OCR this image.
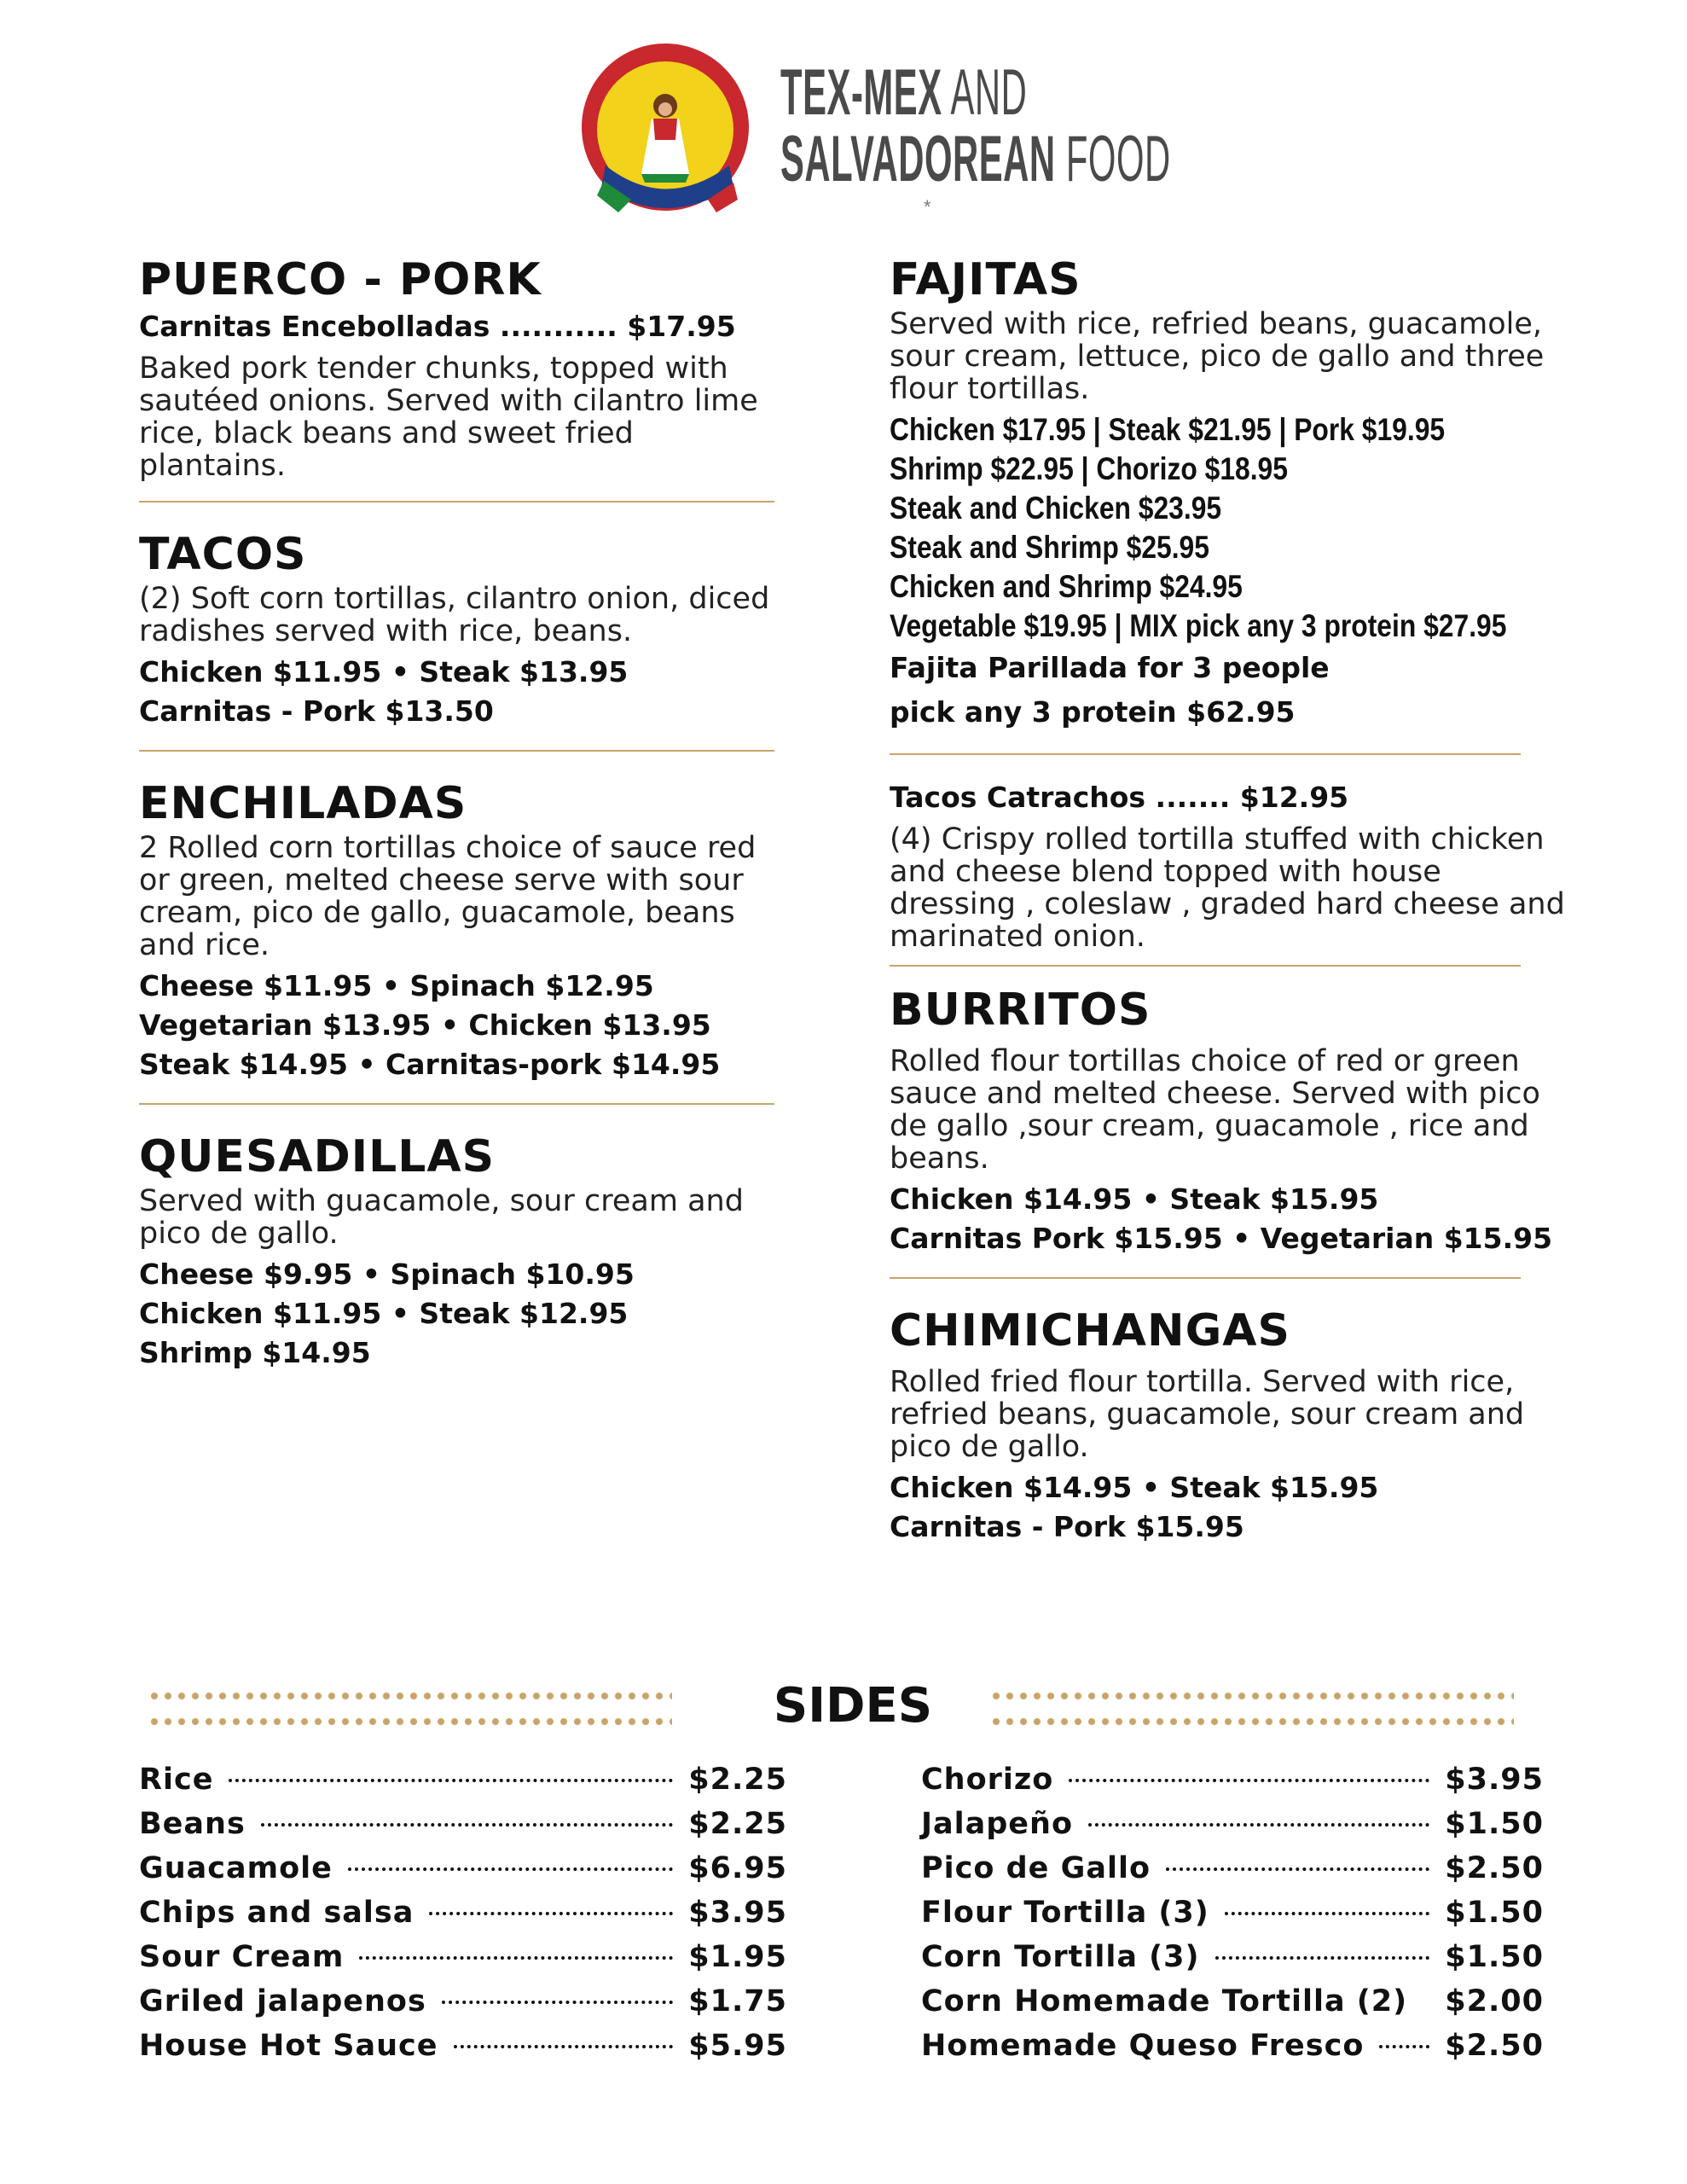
TEX-MEX AND
SALVADOREAN FOOD
*
PUERCO - PORK
Carnitas Encebolladas ........... $17.95
Baked pork tender chunks, topped with sautéed onions. Served with cilantro lime rice, black beans and sweet fried plantains.
TACOS
(2) Soft corn tortillas, cilantro onion, diced radishes served with rice, beans.
Chicken $11.95 • Steak $13.95
Carnitas - Pork $13.50
ENCHILADAS
2 Rolled corn tortillas choice of sauce red or green, melted cheese serve with sour cream, pico de gallo, guacamole, beans and rice.
Cheese $11.95 • Spinach $12.95
Vegetarian $13.95 • Chicken $13.95
Steak $14.95 • Carnitas-pork $14.95
QUESADILLAS
Served with guacamole, sour cream and pico de gallo.
Cheese $9.95 • Spinach $10.95
Chicken $11.95 • Steak $12.95
Shrimp $14.95
FAJITAS
Served with rice, refried beans, guacamole, sour cream, lettuce, pico de gallo and three flour tortillas.
Chicken $17.95 | Steak $21.95 | Pork $19.95
Shrimp $22.95 | Chorizo $18.95
Steak and Chicken $23.95
Steak and Shrimp $25.95
Chicken and Shrimp $24.95
Vegetable $19.95 | MIX pick any 3 protein $27.95
Fajita Parillada for 3 people
pick any 3 protein $62.95
Tacos Catrachos ....... $12.95
(4) Crispy rolled tortilla stuffed with chicken and cheese blend topped with house dressing , coleslaw , graded hard cheese and marinated onion.
BURRITOS
Rolled flour tortillas choice of red or green sauce and melted cheese. Served with pico de gallo ,sour cream, guacamole , rice and beans.
Chicken $14.95 • Steak $15.95
Carnitas Pork $15.95 • Vegetarian $15.95
CHIMICHANGAS
Rolled fried flour tortilla. Served with rice, refried beans, guacamole, sour cream and pico de gallo.
Chicken $14.95 • Steak $15.95
Carnitas - Pork $15.95
SIDES
Rice	$2.25
Beans	$2.25
Guacamole	$6.95
Chips and salsa	$3.95
Sour Cream	$1.95
Griled jalapenos	$1.75
House Hot Sauce	$5.95
Chorizo	$3.95
Jalapeño	$1.50
Pico de Gallo	$2.50
Flour Tortilla (3)	$1.50
Corn Tortilla (3)	$1.50
Corn Homemade Tortilla (2) $2.00
Homemade Queso Fresco	$2.50
